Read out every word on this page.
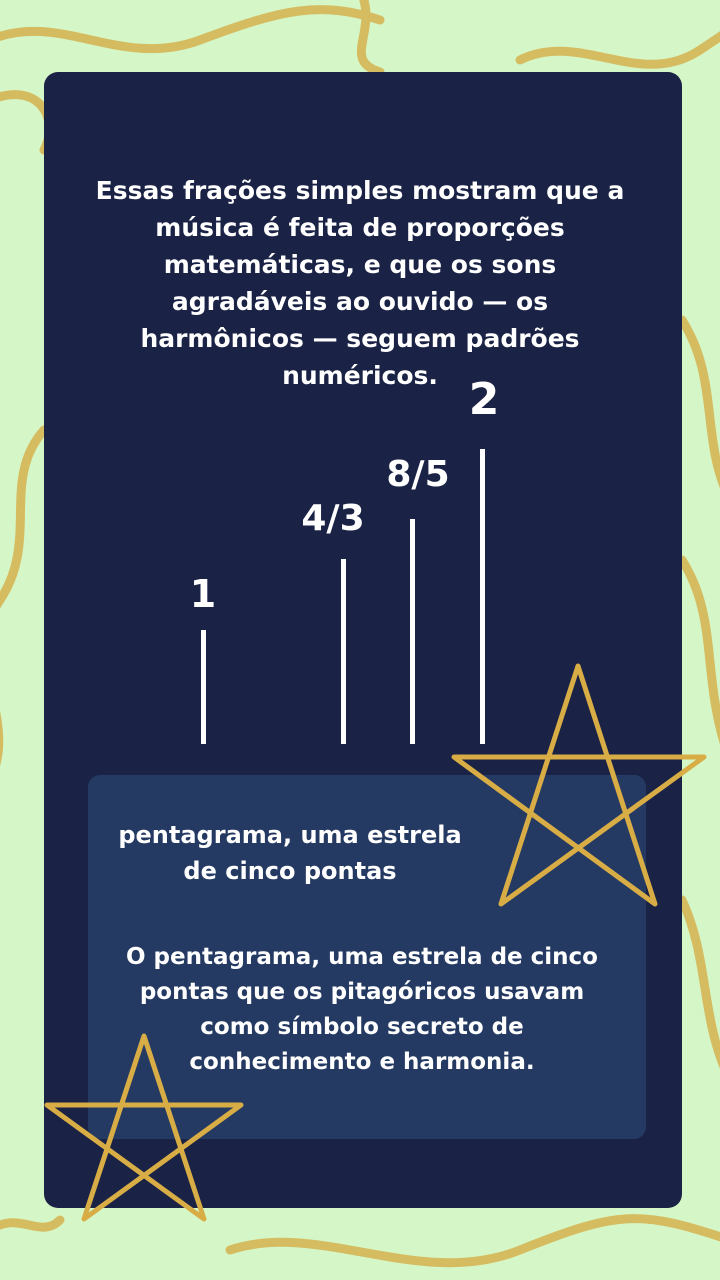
Essas frações simples mostram que a música é feita de proporções matemáticas, e que os sons agradáveis ao ouvido — os harmônicos — seguem padrões numéricos.

1
4/3
8/5
2

pentagrama, uma estrela de cinco pontas

O pentagrama, uma estrela de cinco pontas que os pitagóricos usavam como símbolo secreto de conhecimento e harmonia.
